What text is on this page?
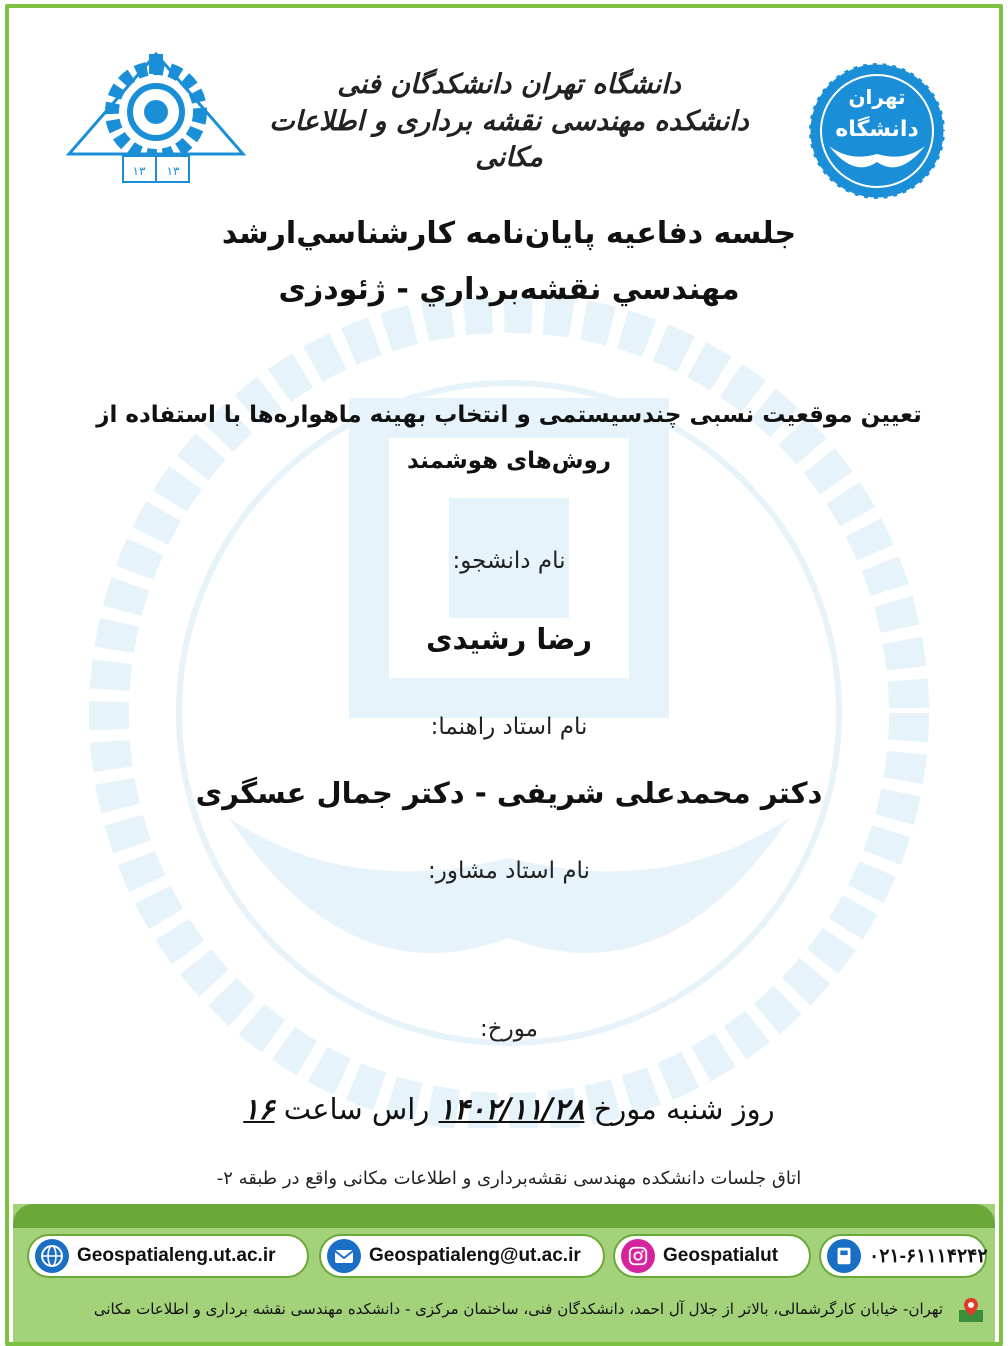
۱۳ ۱۳
دانشگاه تهران دانشکدگان فنی
دانشکده مهندسی نقشه برداری و اطلاعات مکانی
تهران
دانشگاه
جلسه دفاعيه پايان‌نامه کارشناسي‌ارشد
مهندسي نقشه‌برداري - ژئودزی
تعیین موقعیت نسبی چندسیستمی و انتخاب بهینه ماهواره‌ها با استفاده از روش‌های هوشمند
نام دانشجو:
رضا رشیدی
نام استاد راهنما:
دکتر محمدعلی شریفی - دکتر جمال عسگری
نام استاد مشاور:
مورخ:
روز شنبه مورخ ۱۴۰۲/۱۱/۲۸ راس ساعت ۱۶
اتاق جلسات دانشکده مهندسی نقشه‌برداری و اطلاعات مکانی واقع در طبقه ۲-
Geospatialeng.ut.ac.ir	Geospatialeng@ut.ac.ir	Geospatialut	۰۲۱-۶۱۱۱۴۲۴۲
تهران- خیابان کارگرشمالی، بالاتر از جلال آل احمد، دانشکدگان فنی، ساختمان مرکزی - دانشکده مهندسی نقشه برداری و اطلاعات مکانی
